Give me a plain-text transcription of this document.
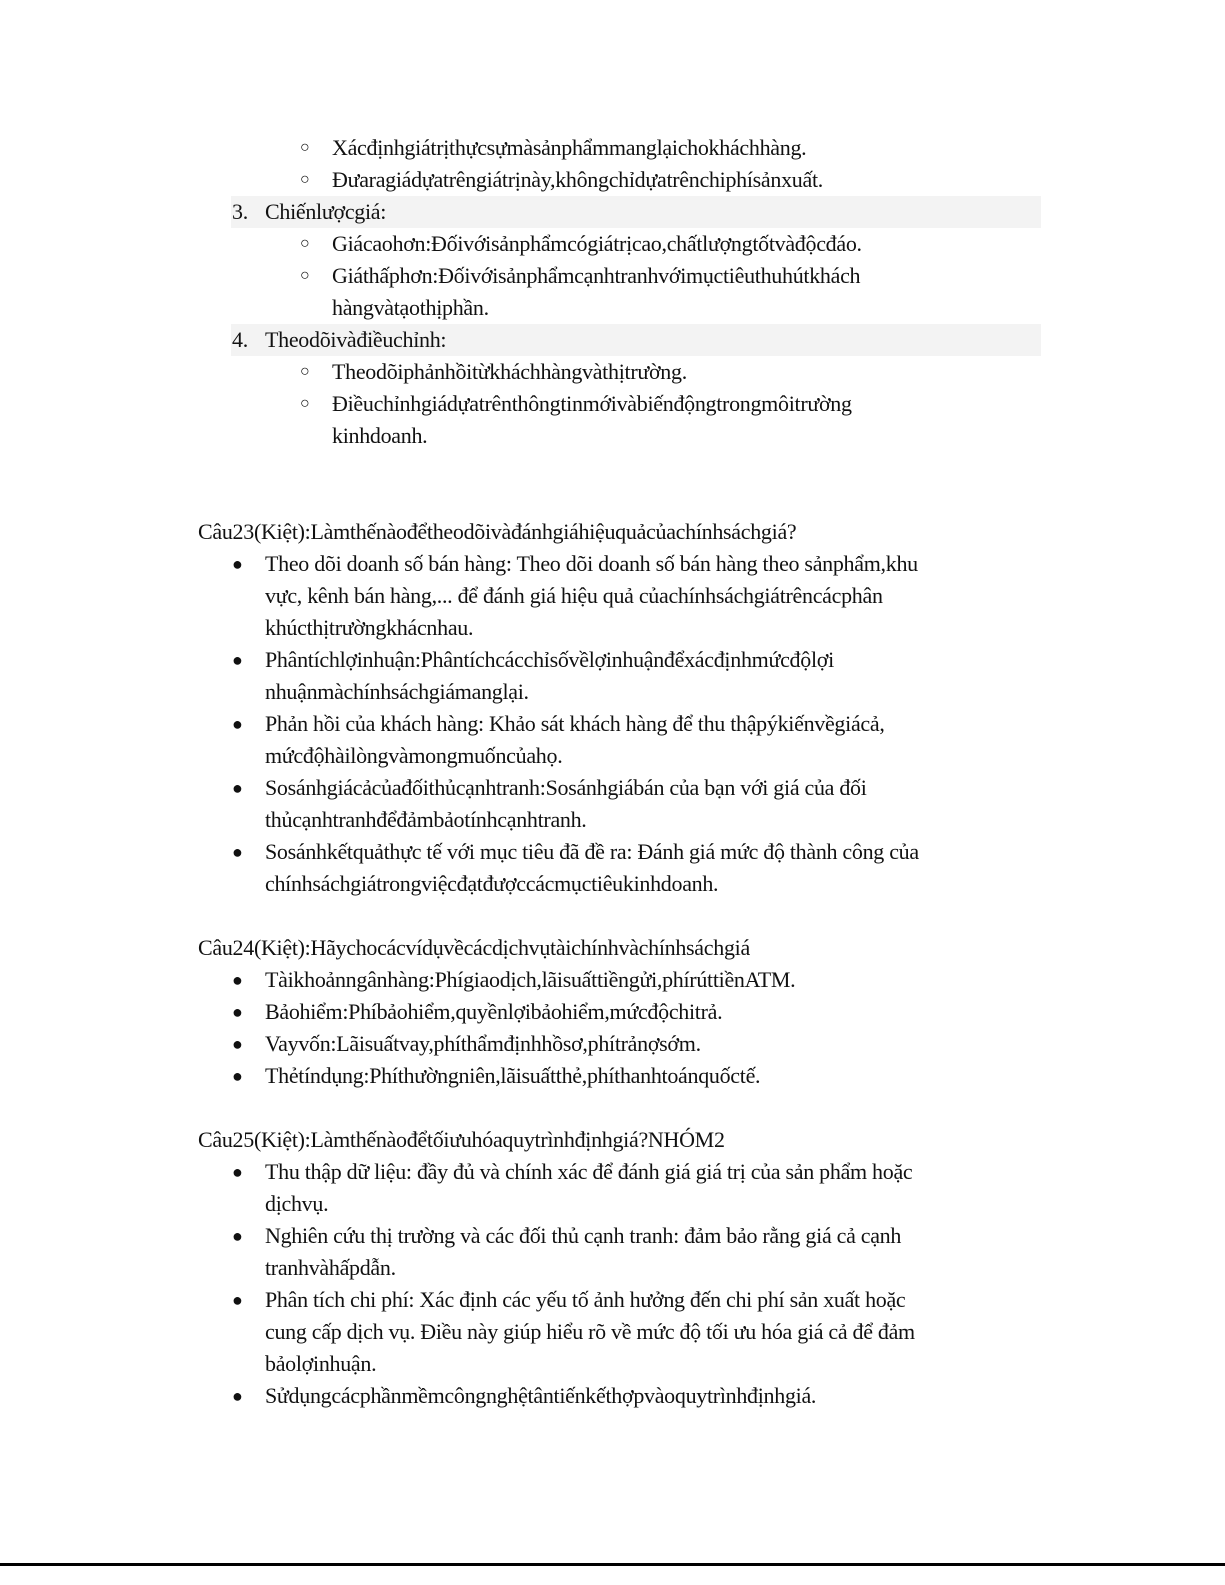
○ Xácđịnhgiátrịthựcsựmàsảnphẩmmanglạichokháchhàng.
○ Đưaragiádựatrêngiátrịnày,khôngchỉdựatrênchiphísảnxuất.
3. Chiếnlượcgiá:
○ Giácaohơn:Đốivớisảnphẩmcógiátrịcao,chấtlượngtốtvàđộcđáo.
○ Giáthấphơn:Đốivớisảnphẩmcạnhtranhvớimụctiêuthuhútkhách
hàngvàtạothịphần.
4. Theodõivàđiềuchỉnh:
○ Theodõiphảnhồitừkháchhàngvàthịtrường.
○ Điềuchỉnhgiádựatrênthôngtinmớivàbiếnđộngtrongmôitrường
kinhdoanh.
Câu23(Kiệt):Làmthếnàođểtheodõivàđánhgiáhiệuquảcủachínhsáchgiá?
● Theo dõi doanh số bán hàng: Theo dõi doanh số bán hàng theo sảnphẩm,khu
vực, kênh bán hàng,... để đánh giá hiệu quả củachínhsáchgiátrêncácphân
khúcthịtrườngkhácnhau.
● Phântíchlợinhuận:Phântíchcácchỉsốvềlợinhuậnđểxácđịnhmứcđộlợi
nhuậnmàchínhsáchgiámanglại.
● Phản hồi của khách hàng: Khảo sát khách hàng để thu thậpýkiếnvềgiácả,
mứcđộhàilòngvàmongmuốncủahọ.
● Sosánhgiácảcủađốithủcạnhtranh:Sosánhgiábán của bạn với giá của đối
thủcạnhtranhđểđảmbảotínhcạnhtranh.
● Sosánhkếtquảthực tế với mục tiêu đã đề ra: Đánh giá mức độ thành công của
chínhsáchgiátrongviệcđạtđượccácmụctiêukinhdoanh.
Câu24(Kiệt):Hãychocácvídụvềcácdịchvụtàichínhvàchínhsáchgiá
● Tàikhoảnngânhàng:Phígiaodịch,lãisuấttiềngửi,phírúttiềnATM.
● Bảohiểm:Phíbảohiểm,quyềnlợibảohiểm,mứcđộchitrả.
● Vayvốn:Lãisuấtvay,phíthẩmđịnhhồsơ,phítrảnợsớm.
● Thẻtíndụng:Phíthườngniên,lãisuấtthẻ,phíthanhtoánquốctế.
Câu25(Kiệt):Làmthếnàođểtốiưuhóaquytrìnhđịnhgiá?NHÓM2
● Thu thập dữ liệu: đầy đủ và chính xác để đánh giá giá trị của sản phẩm hoặc
dịchvụ.
● Nghiên cứu thị trường và các đối thủ cạnh tranh: đảm bảo rằng giá cả cạnh
tranhvàhấpdẫn.
● Phân tích chi phí: Xác định các yếu tố ảnh hưởng đến chi phí sản xuất hoặc
cung cấp dịch vụ. Điều này giúp hiểu rõ về mức độ tối ưu hóa giá cả để đảm
bảolợinhuận.
● Sửdụngcácphầnmềmcôngnghệtântiếnkếthợpvàoquytrìnhđịnhgiá.
